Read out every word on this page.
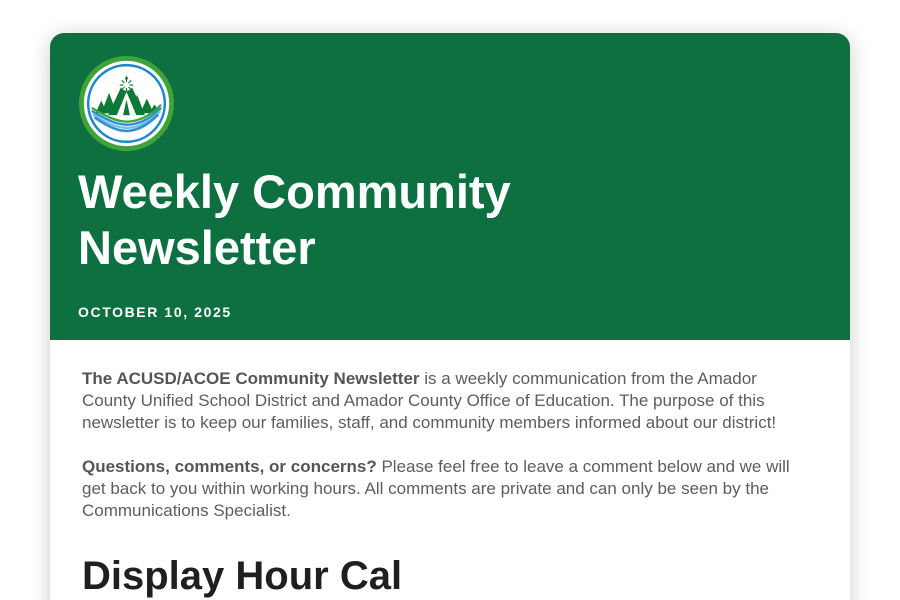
Weekly Community Newsletter
OCTOBER 10, 2025

The ACUSD/ACOE Community Newsletter is a weekly communication from the Amador County Unified School District and Amador County Office of Education. The purpose of this newsletter is to keep our families, staff, and community members informed about our district!

Questions, comments, or concerns? Please feel free to leave a comment below and we will get back to you within working hours. All comments are private and can only be seen by the Communications Specialist.

Display Hour Cal
